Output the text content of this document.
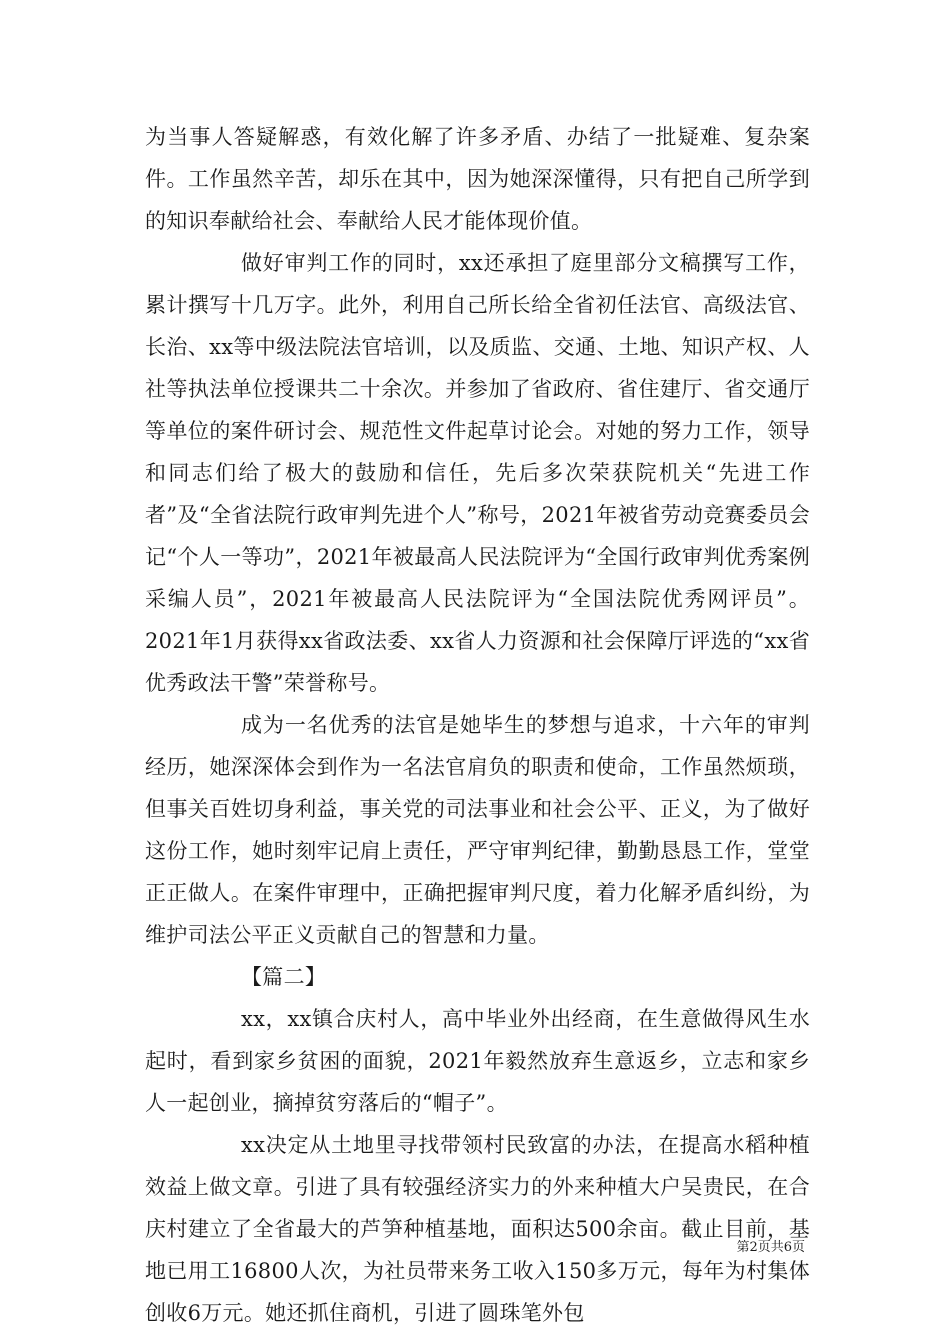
为当事人答疑解惑，有效化解了许多矛盾、办结了一批疑难、复杂案件。工作虽然辛苦，却乐在其中，因为她深深懂得，只有把自己所学到的知识奉献给社会、奉献给人民才能体现价值。

做好审判工作的同时，xx还承担了庭里部分文稿撰写工作，累计撰写十几万字。此外，利用自己所长给全省初任法官、高级法官、长治、xx等中级法院法官培训，以及质监、交通、土地、知识产权、人社等执法单位授课共二十余次。并参加了省政府、省住建厅、省交通厅等单位的案件研讨会、规范性文件起草讨论会。对她的努力工作，领导和同志们给了极大的鼓励和信任，先后多次荣获院机关“先进工作者”及“全省法院行政审判先进个人”称号，2021年被省劳动竞赛委员会记“个人一等功”，2021年被最高人民法院评为“全国行政审判优秀案例采编人员”，2021年被最高人民法院评为“全国法院优秀网评员”。2021年1月获得xx省政法委、xx省人力资源和社会保障厅评选的“xx省优秀政法干警”荣誉称号。

成为一名优秀的法官是她毕生的梦想与追求，十六年的审判经历，她深深体会到作为一名法官肩负的职责和使命，工作虽然烦琐，但事关百姓切身利益，事关党的司法事业和社会公平、正义，为了做好这份工作，她时刻牢记肩上责任，严守审判纪律，勤勤恳恳工作，堂堂正正做人。在案件审理中，正确把握审判尺度，着力化解矛盾纠纷，为维护司法公平正义贡献自己的智慧和力量。

【篇二】

xx，xx镇合庆村人，高中毕业外出经商，在生意做得风生水起时，看到家乡贫困的面貌，2021年毅然放弃生意返乡，立志和家乡人一起创业，摘掉贫穷落后的“帽子”。

xx决定从土地里寻找带领村民致富的办法，在提高水稻种植效益上做文章。引进了具有较强经济实力的外来种植大户吴贵民，在合庆村建立了全省最大的芦笋种植基地，面积达500余亩。截止目前，基地已用工16800人次，为社员带来务工收入150多万元，每年为村集体创收6万元。她还抓住商机，引进了圆珠笔外包

第2页共6页
